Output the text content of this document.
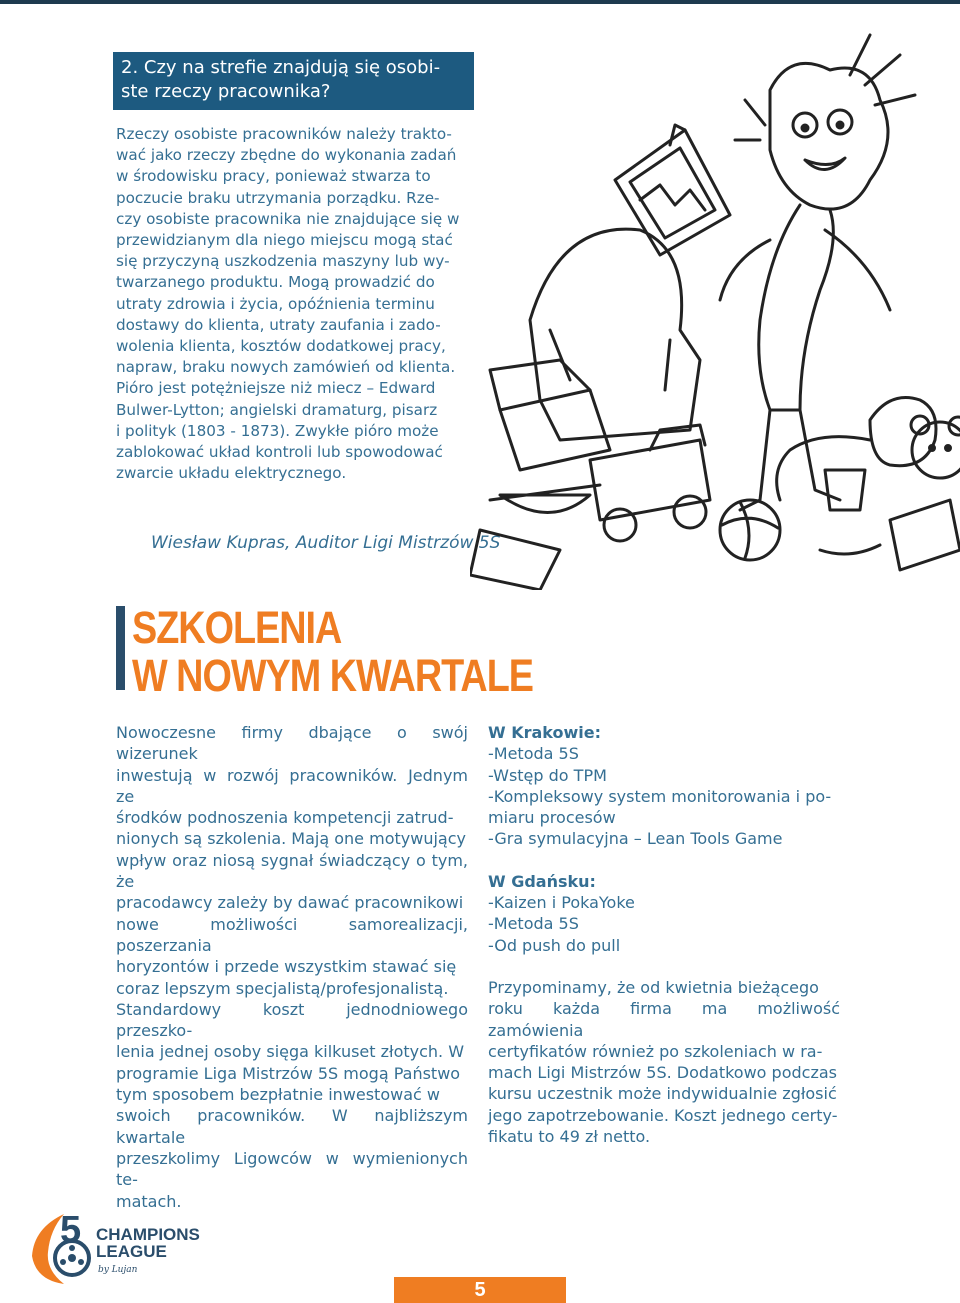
2. Czy na strefie znajdują się osobi-
ste rzeczy pracownika?
Rzeczy osobiste pracowników należy trakto-
wać jako rzeczy zbędne do wykonania zadań
w środowisku pracy, ponieważ stwarza to
poczucie braku utrzymania porządku. Rze-
czy osobiste pracownika nie znajdujące się w
przewidzianym dla niego miejscu mogą stać
się przyczyną uszkodzenia maszyny lub wy-
twarzanego produktu. Mogą prowadzić do
utraty zdrowia i życia, opóźnienia terminu
dostawy do klienta, utraty zaufania i zado-
wolenia klienta, kosztów dodatkowej pracy,
napraw, braku nowych zamówień od klienta.
Pióro jest potężniejsze niż miecz – Edward
Bulwer-Lytton; angielski dramaturg, pisarz
i polityk (1803 - 1873). Zwykłe pióro może
zablokować układ kontroli lub spowodować
zwarcie układu elektrycznego.
Wiesław Kupras, Auditor Ligi Mistrzów 5S
SZKOLENIA
W NOWYM KWARTALE

Nowoczesne firmy dbające o swój wizerunek

inwestują w rozwój pracowników. Jednym ze

środków podnoszenia kompetencji zatrud-

nionych są szkolenia. Mają one motywujący

wpływ oraz niosą sygnał świadczący o tym, że

pracodawcy zależy by dawać pracownikowi

nowe możliwości samorealizacji, poszerzania

horyzontów i przede wszystkim stawać się

coraz lepszym specjalistą/profesjonalistą.

Standardowy koszt jednodniowego przeszko-

lenia jednej osoby sięga kilkuset złotych. W

programie Liga Mistrzów 5S mogą Państwo

tym sposobem bezpłatnie inwestować w

swoich pracowników. W najbliższym kwartale

przeszkolimy Ligowców w wymienionych te-

matach.

W Krakowie:
-Metoda 5S
-Wstęp do TPM
-Kompleksowy system monitorowania i po-
miaru procesów
-Gra symulacyjna – Lean Tools Game
W Gdańsku:
-Kaizen i PokaYoke
-Metoda 5S
-Od push do pull

Przypominamy, że od kwietnia bieżącego

roku każda firma ma możliwość zamówienia

certyfikatów również po szkoleniach w ra-

mach Ligi Mistrzów 5S. Dodatkowo podczas

kursu uczestnik może indywidualnie zgłosić

jego zapotrzebowanie. Koszt jednego certy-

fikatu to 49 zł netto.

5 CHAMPIONS
LEAGUE
by Lujan
5
